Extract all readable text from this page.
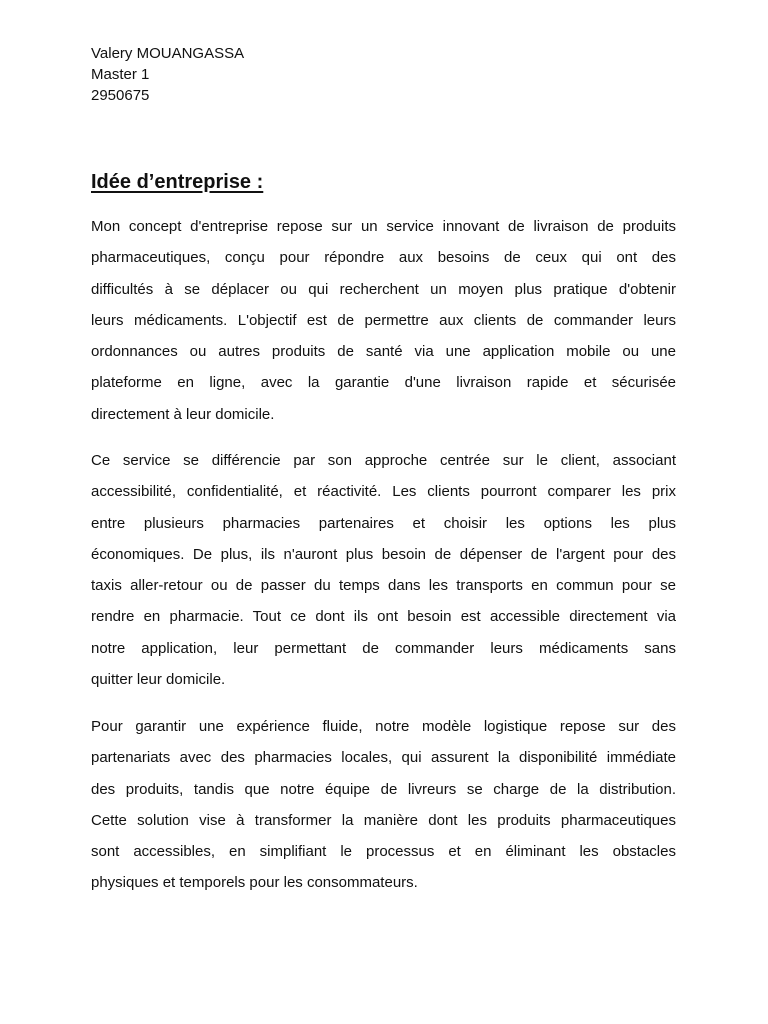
Valery MOUANGASSA
Master 1
2950675
Idée d’entreprise :
Mon concept d'entreprise repose sur un service innovant de livraison de produits
pharmaceutiques, conçu pour répondre aux besoins de ceux qui ont des
difficultés à se déplacer ou qui recherchent un moyen plus pratique d'obtenir
leurs médicaments. L'objectif est de permettre aux clients de commander leurs
ordonnances ou autres produits de santé via une application mobile ou une
plateforme en ligne, avec la garantie d'une livraison rapide et sécurisée
directement à leur domicile.
Ce service se différencie par son approche centrée sur le client, associant
accessibilité, confidentialité, et réactivité. Les clients pourront comparer les prix
entre plusieurs pharmacies partenaires et choisir les options les plus
économiques. De plus, ils n'auront plus besoin de dépenser de l'argent pour des
taxis aller-retour ou de passer du temps dans les transports en commun pour se
rendre en pharmacie. Tout ce dont ils ont besoin est accessible directement via
notre application, leur permettant de commander leurs médicaments sans
quitter leur domicile.
Pour garantir une expérience fluide, notre modèle logistique repose sur des
partenariats avec des pharmacies locales, qui assurent la disponibilité immédiate
des produits, tandis que notre équipe de livreurs se charge de la distribution.
Cette solution vise à transformer la manière dont les produits pharmaceutiques
sont accessibles, en simplifiant le processus et en éliminant les obstacles
physiques et temporels pour les consommateurs.
